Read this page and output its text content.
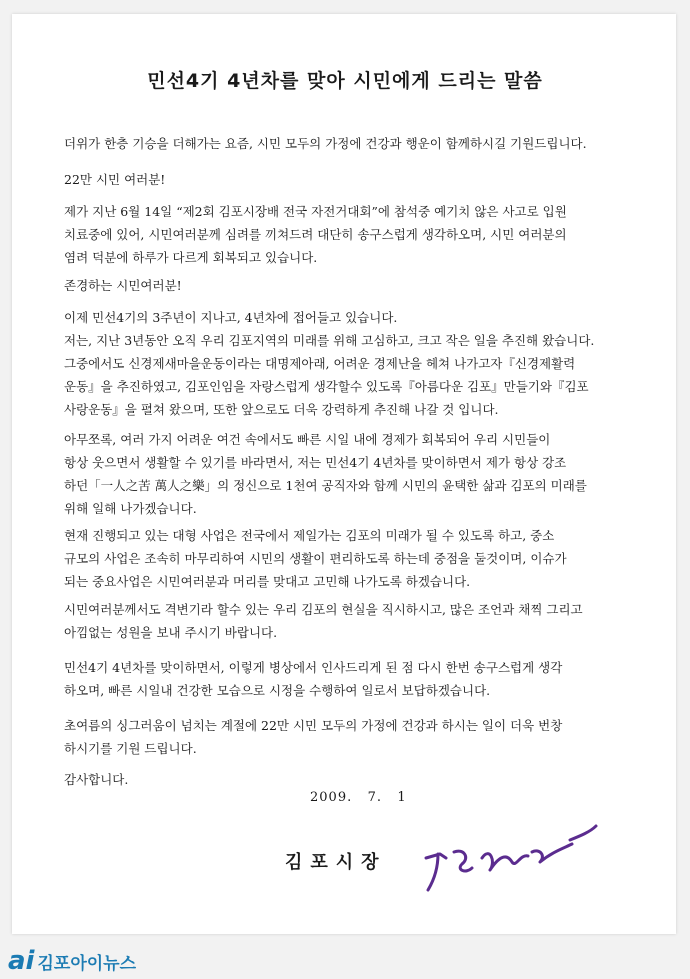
민선4기 4년차를 맞아 시민에게 드리는 말씀
더위가 한층 기승을 더해가는 요즘, 시민 모두의 가정에 건강과 행운이 함께하시길 기원드립니다.
22만 시민 여러분!
제가 지난 6월 14일 “제2회 김포시장배 전국 자전거대회”에 참석중 예기치 않은 사고로 입원
치료중에 있어, 시민여러분께 심려를 끼쳐드려 대단히 송구스럽게 생각하오며, 시민 여러분의
염려 덕분에 하루가 다르게 회복되고 있습니다.
존경하는 시민여러분!
이제 민선4기의 3주년이 지나고, 4년차에 접어들고 있습니다.
저는, 지난 3년동안 오직 우리 김포지역의 미래를 위해 고심하고, 크고 작은 일을 추진해 왔습니다.
그중에서도 신경제새마을운동이라는 대명제아래, 어려운 경제난을 헤쳐 나가고자『신경제활력
운동』을 추진하였고, 김포인임을 자랑스럽게 생각할수 있도록『아름다운 김포』만들기와『김포
사랑운동』을 펼쳐 왔으며, 또한 앞으로도 더욱 강력하게 추진해 나갈 것 입니다.
아무쪼록, 여러 가지 어려운 여건 속에서도 빠른 시일 내에 경제가 회복되어 우리 시민들이
항상 웃으면서 생활할 수 있기를 바라면서, 저는 민선4기 4년차를 맞이하면서 제가 항상 강조
하던「一人之苦 萬人之樂」의 정신으로 1천여 공직자와 함께 시민의 윤택한 삶과 김포의 미래를
위해 일해 나가겠습니다.
현재 진행되고 있는 대형 사업은 전국에서 제일가는 김포의 미래가 될 수 있도록 하고, 중소
규모의 사업은 조속히 마무리하여 시민의 생활이 편리하도록 하는데 중점을 둘것이며, 이슈가
되는 중요사업은 시민여러분과 머리를 맞대고 고민해 나가도록 하겠습니다.
시민여러분께서도 격변기라 할수 있는 우리 김포의 현실을 직시하시고, 많은 조언과 채찍 그리고
아낌없는 성원을 보내 주시기 바랍니다.
민선4기 4년차를 맞이하면서, 이렇게 병상에서 인사드리게 된 점 다시 한번 송구스럽게 생각
하오며, 빠른 시일내 건강한 모습으로 시정을 수행하여 일로서 보답하겠습니다.
초여름의 싱그러움이 넘치는 계절에 22만 시민 모두의 가정에 건강과 하시는 일이 더욱 번창
하시기를 기원 드립니다.
감사합니다.
2009.   7.   1
김포시장
ai 김포아이뉴스
